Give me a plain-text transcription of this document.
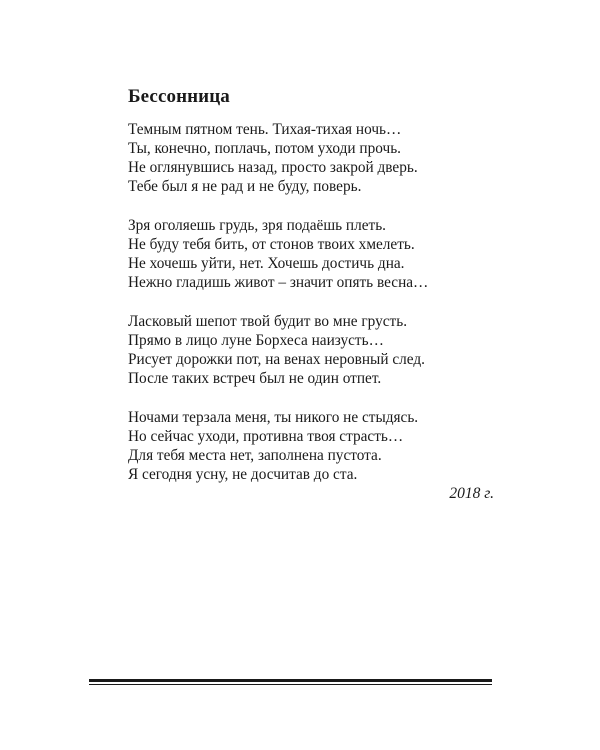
Бессонница
Темным пятном тень. Тихая-тихая ночь…
Ты, конечно, поплачь, потом уходи прочь.
Не оглянувшись назад, просто закрой дверь.
Тебе был я не рад и не буду, поверь.
Зря оголяешь грудь, зря подаёшь плеть.
Не буду тебя бить, от стонов твоих хмелеть.
Не хочешь уйти, нет. Хочешь достичь дна.
Нежно гладишь живот – значит опять весна…
Ласковый шепот твой будит во мне грусть.
Прямо в лицо луне Борхеса наизусть…
Рисует дорожки пот, на венах неровный след.
После таких встреч был не один отпет.
Ночами терзала меня, ты никого не стыдясь.
Но сейчас уходи, противна твоя страсть…
Для тебя места нет, заполнена пустота.
Я сегодня усну, не досчитав до ста.
2018 г.
